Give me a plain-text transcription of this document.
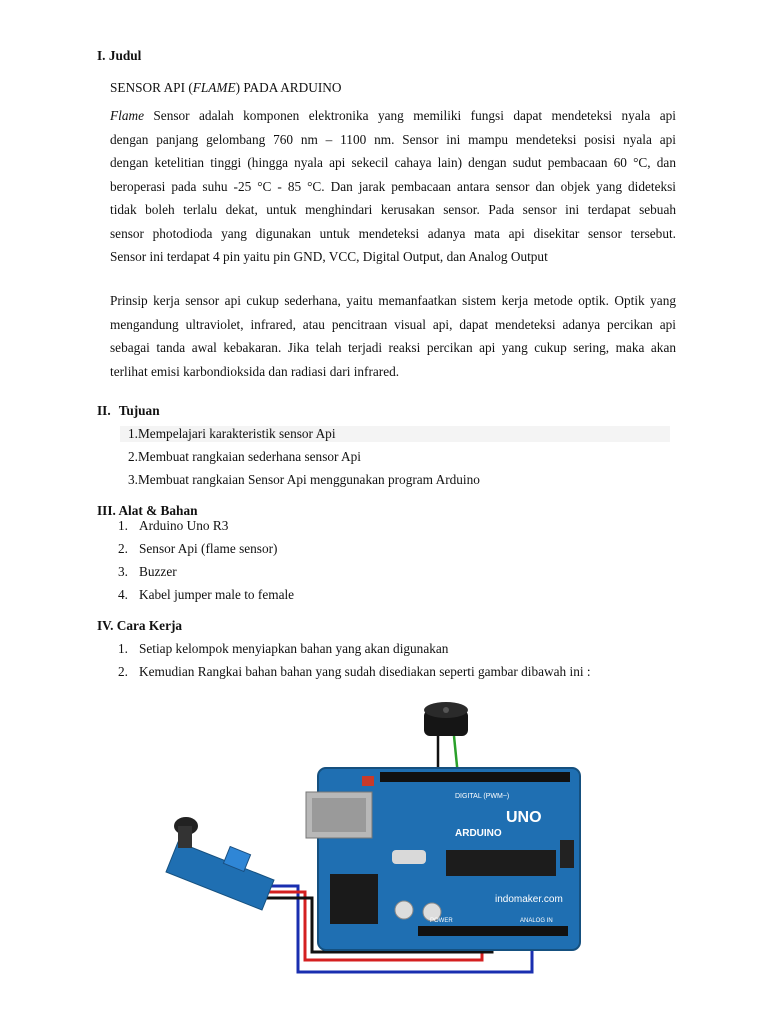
I. Judul
SENSOR API (FLAME) PADA ARDUINO
Flame Sensor adalah komponen elektronika yang memiliki fungsi dapat mendeteksi nyala api
dengan panjang gelombang 760 nm – 1100 nm. Sensor ini mampu mendeteksi posisi nyala api
dengan ketelitian tinggi (hingga nyala api sekecil cahaya lain) dengan sudut pembacaan 60 °C, dan
beroperasi pada suhu -25 °C - 85 °C. Dan jarak pembacaan antara sensor dan objek yang dideteksi
tidak boleh terlalu dekat, untuk menghindari kerusakan sensor. Pada sensor ini terdapat sebuah
sensor photodioda yang digunakan untuk mendeteksi adanya mata api disekitar sensor tersebut.
Sensor ini terdapat 4 pin yaitu pin GND, VCC, Digital Output, dan Analog Output
Prinsip kerja sensor api cukup sederhana, yaitu memanfaatkan sistem kerja metode optik. Optik yang
mengandung ultraviolet, infrared, atau pencitraan visual api, dapat mendeteksi adanya percikan api
sebagai tanda awal kebakaran. Jika telah terjadi reaksi percikan api yang cukup sering, maka akan
terlihat emisi karbondioksida dan radiasi dari infrared.
II. Tujuan
1.Mempelajari karakteristik sensor Api
2.Membuat rangkaian sederhana sensor Api
3.Membuat rangkaian Sensor Api menggunakan program Arduino
III. Alat & Bahan
1. Arduino Uno R3
2. Sensor Api (flame sensor)
3. Buzzer
4. Kabel jumper male to female
IV. Cara Kerja
1. Setiap kelompok menyiapkan bahan yang akan digunakan
2. Kemudian Rangkai bahan bahan yang sudah disediakan seperti gambar dibawah ini :
DIGITAL (PWM~)
ARDUINO
UNO
indomaker.com
POWER	ANALOG IN
